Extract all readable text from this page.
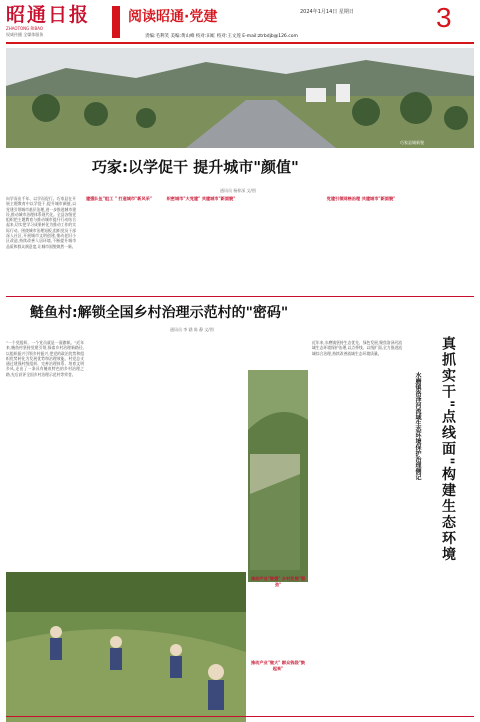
昭通日报
ZHAOTONG RIBAO
权威传播 全媒体服务
阅读昭通·党建	2024年1月14日 星期日	3
责编:毛利笑 美编:黄山峰 校对:田虹 校对:王文莲 E-mail:ztrbdjb@126.com
巧家县城新貌
巧家:以学促干 提升城市"颜值"
通讯员 杨梓深 文/图
向学而出千年、以学而促行。巧家县在开展主题教育中以学促干,提升城市颜值,以党建引领城市基层治理,进一步推进城市建设,推动城市治理体系现代化。全县各级党组织把主题教育与推动城市提升行动结合起来,切实把学习成果转化为推动工作的实际行动。围绕城市治理短板,组织党员干部深入社区,开展城市文明创建,推动老旧小区改造,持续改善人居环境,不断提升城市品质和群众满意度,让城市面貌焕然一新。
建强队伍"组工 " 打造城市"新风采"	织密城市"大党建" 共建城市"新面貌"	党建引领网格治理 共建城市"新面貌"
鲢鱼村:解锁全国乡村治理示范村的"密码"
通讯员 李 涵 陈 静 文/图
"一个党组织、一个党员就是一面旗帜。"近年来,鲢鱼村坚持党建引领,探索乡村治理新路径,以组织振兴引领乡村振兴,把党的政治优势和组织优势转化为发展优势和治理效能。村党总支通过建强村级组织、完善治理体系、培育文明乡风,走出了一条具有鲢鱼特色的乡村治理之路,先后获评全国乡村治理示范村等荣誉。
推动产业"做强" 乡村发展"强劲"
推动产业"做大" 群众钱袋"鼓起来"
近年来,水磨镇坚持生态优先、绿色发展,聚焦洛泽河流域生态环境保护治理,以点带线、以线扩面,全力推进流域综合治理,持续改善流域生态环境质量。	真抓实干"点线面"构建生态环境
水磨镇洛泽河流域生态环境保护治理侧记
